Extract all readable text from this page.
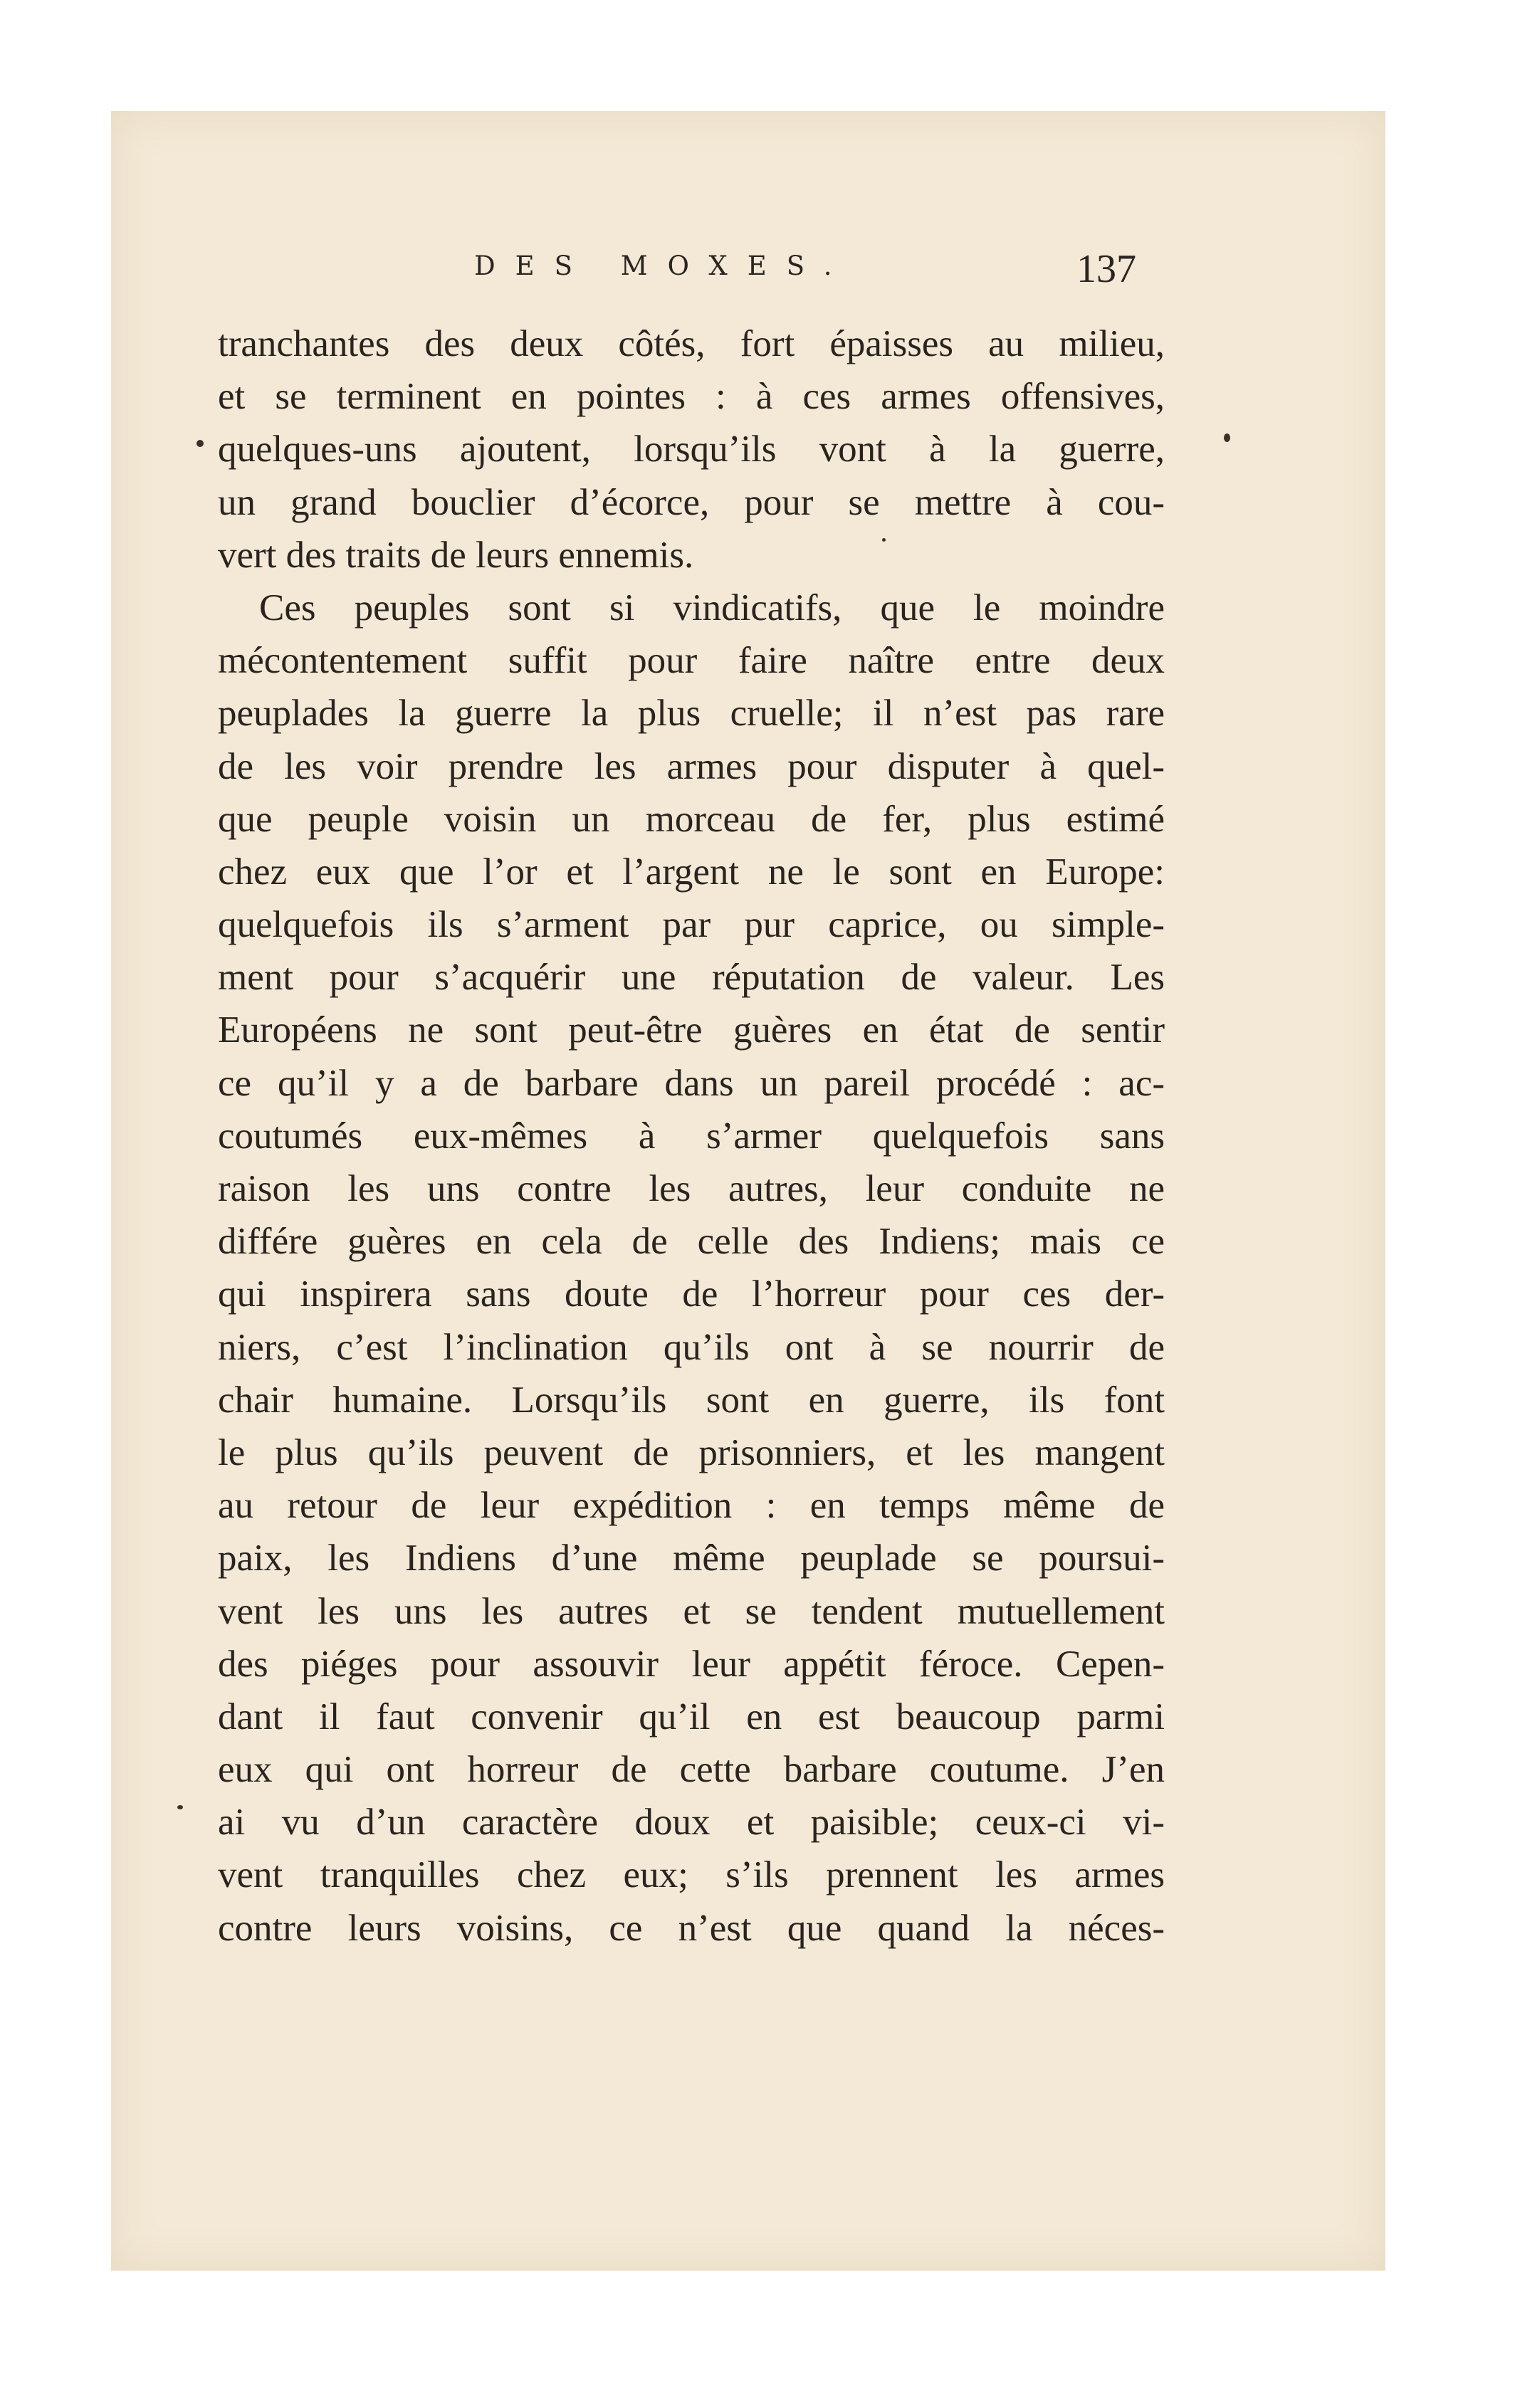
DES MOXES.	137
tranchantes des deux côtés, fort épaisses au milieu,
et se terminent en pointes : à ces armes offensives,
quelques-uns ajoutent, lorsqu’ils vont à la guerre,
un grand bouclier d’écorce, pour se mettre à cou-
vert des traits de leurs ennemis.
Ces peuples sont si vindicatifs, que le moindre
mécontentement suffit pour faire naître entre deux
peuplades la guerre la plus cruelle; il n’est pas rare
de les voir prendre les armes pour disputer à quel-
que peuple voisin un morceau de fer, plus estimé
chez eux que l’or et l’argent ne le sont en Europe:
quelquefois ils s’arment par pur caprice, ou simple-
ment pour s’acquérir une réputation de valeur. Les
Européens ne sont peut-être guères en état de sentir
ce qu’il y a de barbare dans un pareil procédé : ac-
coutumés eux-mêmes à s’armer quelquefois sans
raison les uns contre les autres, leur conduite ne
différe guères en cela de celle des Indiens; mais ce
qui inspirera sans doute de l’horreur pour ces der-
niers, c’est l’inclination qu’ils ont à se nourrir de
chair humaine. Lorsqu’ils sont en guerre, ils font
le plus qu’ils peuvent de prisonniers, et les mangent
au retour de leur expédition : en temps même de
paix, les Indiens d’une même peuplade se poursui-
vent les uns les autres et se tendent mutuellement
des piéges pour assouvir leur appétit féroce. Cepen-
dant il faut convenir qu’il en est beaucoup parmi
eux qui ont horreur de cette barbare coutume. J’en
ai vu d’un caractère doux et paisible; ceux-ci vi-
vent tranquilles chez eux; s’ils prennent les armes
contre leurs voisins, ce n’est que quand la néces-
